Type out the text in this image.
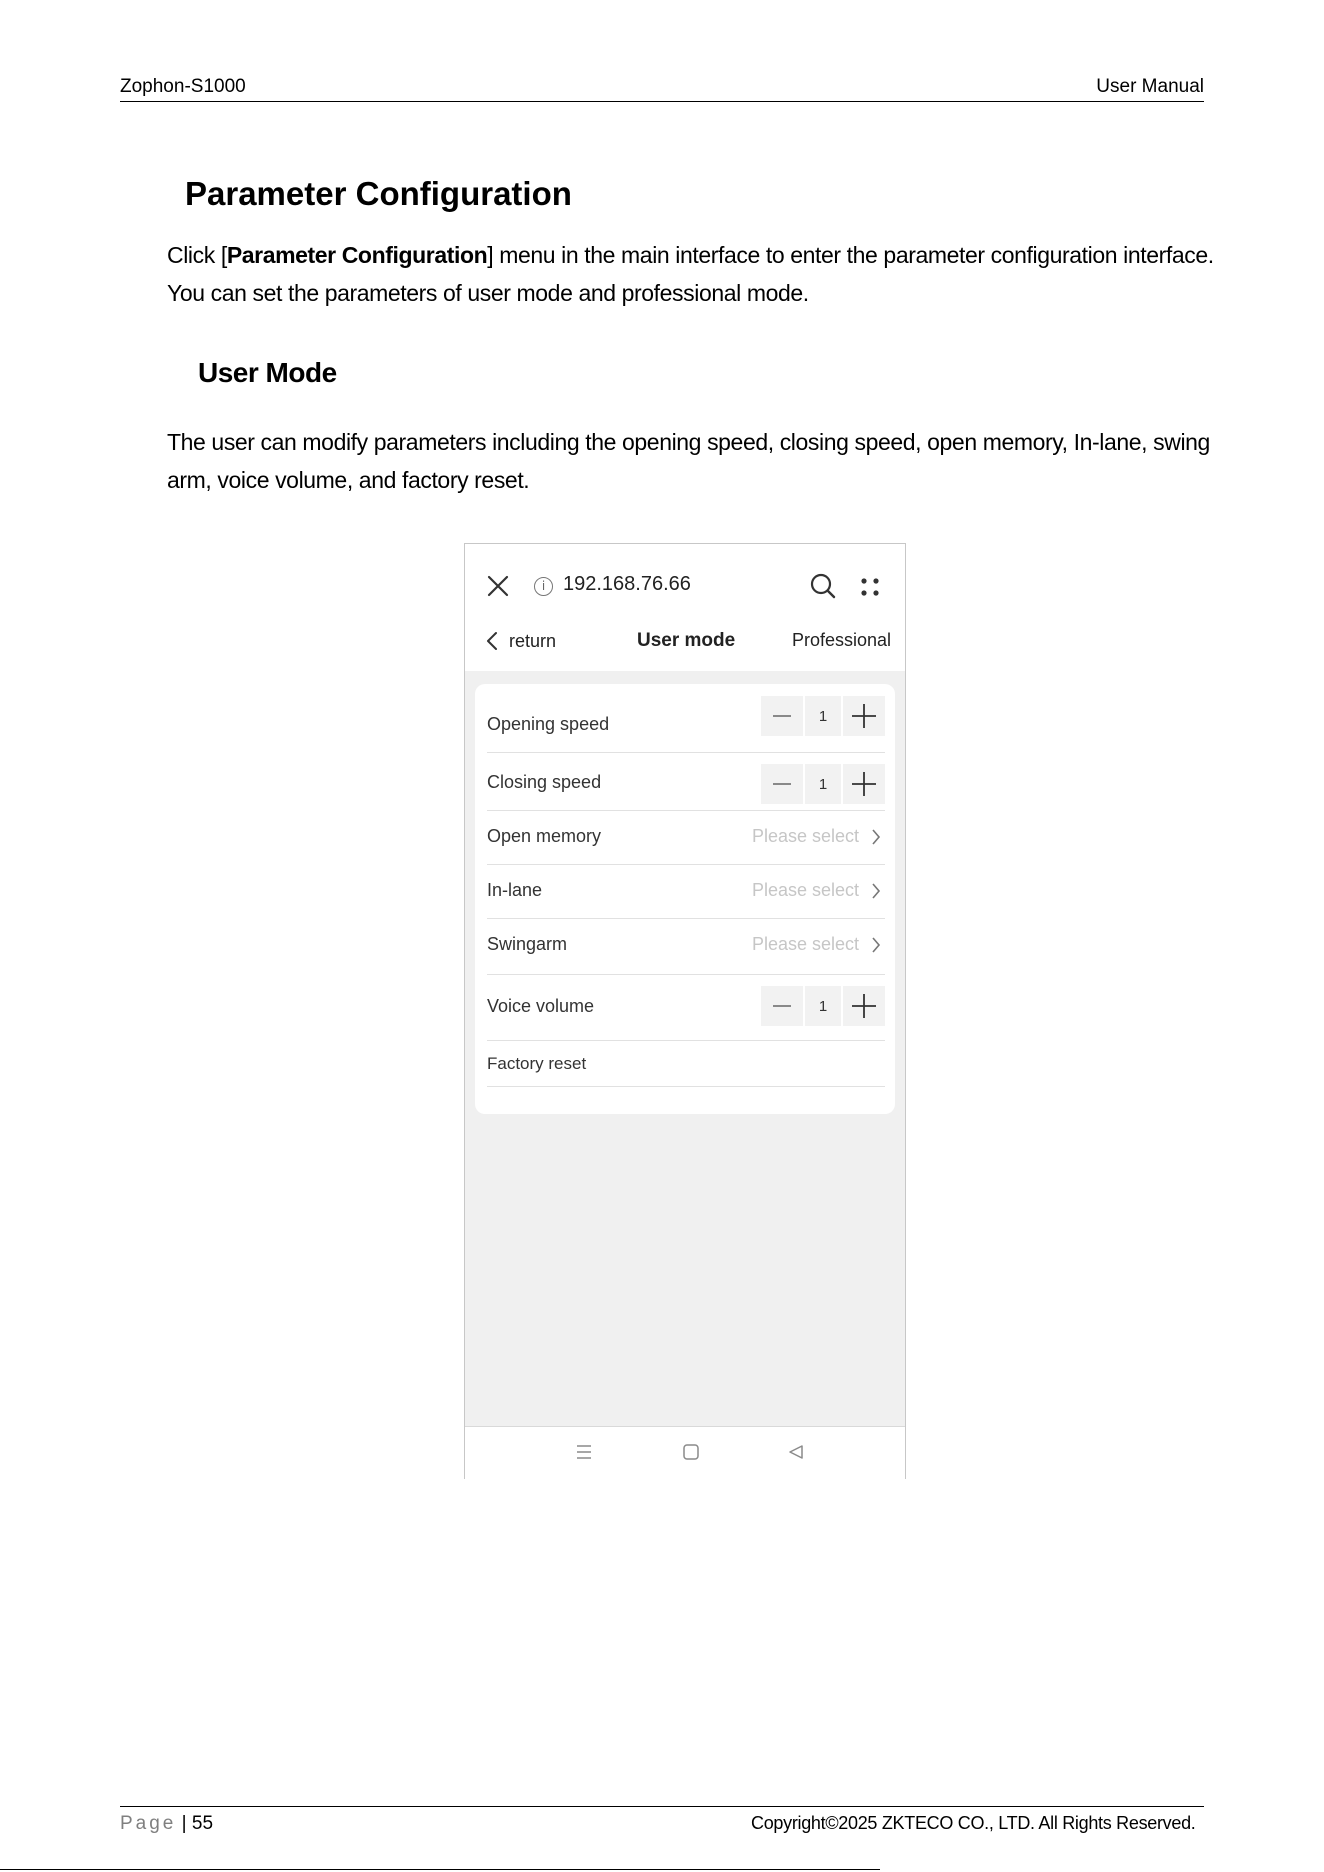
Zophon-S1000	User Manual
Parameter Configuration
Click [Parameter Configuration] menu in the main interface to enter the parameter configuration interface. You can set the parameters of user mode and professional mode.
User Mode
The user can modify parameters including the opening speed, closing speed, open memory, In-lane, swing arm, voice volume, and factory reset.
i 192.168.76.66
return	User mode	Professional
Opening speed	1
Closing speed	1
Open memory	Please select
In-lane	Please select
Swingarm	Please select
Voice volume	1
Factory reset
Page | 55	Copyright©2025 ZKTECO CO., LTD. All Rights Reserved.
